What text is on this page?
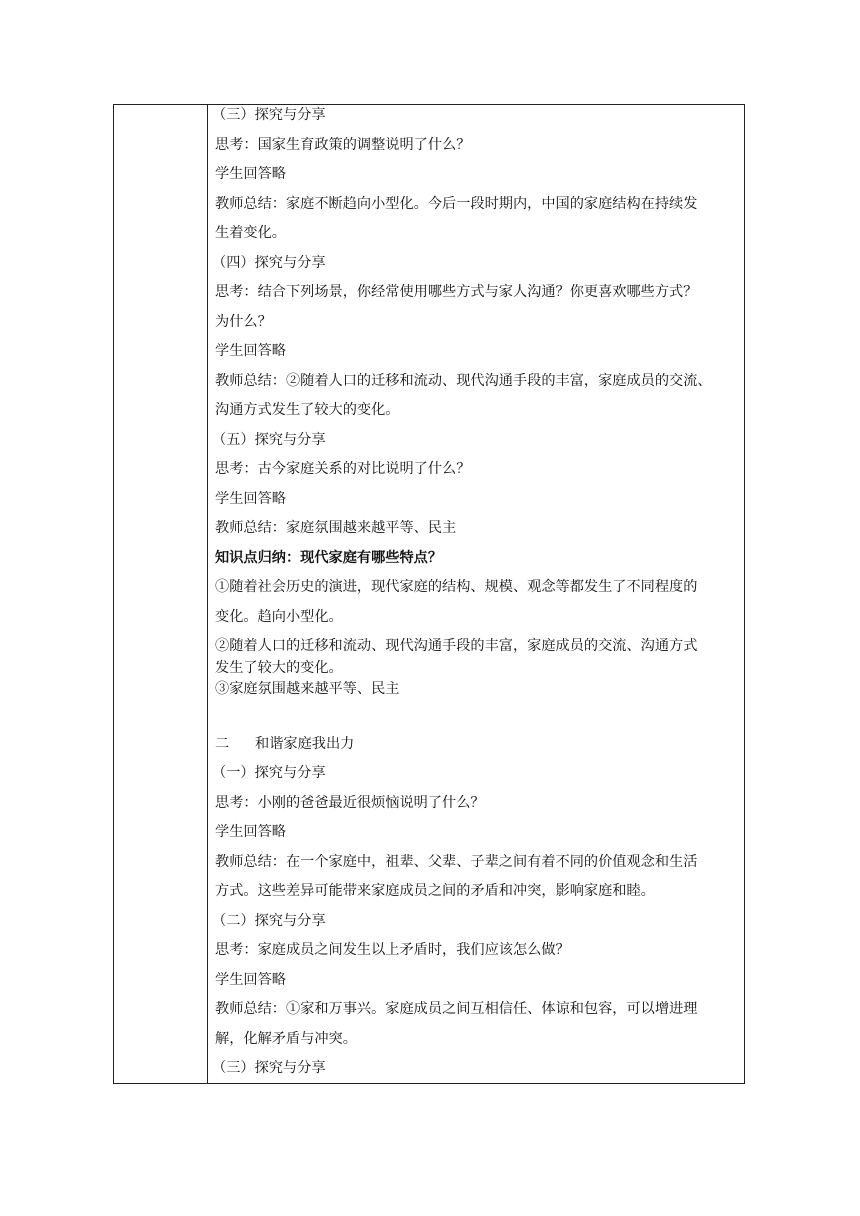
（三）探究与分享
思考：国家生育政策的调整说明了什么？
学生回答略
教师总结：家庭不断趋向小型化。今后一段时期内，中国的家庭结构在持续发
生着变化。
（四）探究与分享
思考：结合下列场景，你经常使用哪些方式与家人沟通？你更喜欢哪些方式？
为什么？
学生回答略
教师总结：②随着人口的迁移和流动、现代沟通手段的丰富，家庭成员的交流、
沟通方式发生了较大的变化。
（五）探究与分享
思考：古今家庭关系的对比说明了什么？
学生回答略
教师总结：家庭氛围越来越平等、民主
知识点归纳：现代家庭有哪些特点？
①随着社会历史的演进，现代家庭的结构、规模、观念等都发生了不同程度的
变化。趋向小型化。
②随着人口的迁移和流动、现代沟通手段的丰富，家庭成员的交流、沟通方式
发生了较大的变化。
③家庭氛围越来越平等、民主
二 和谐家庭我出力
（一）探究与分享
思考：小刚的爸爸最近很烦恼说明了什么？
学生回答略
教师总结：在一个家庭中，祖辈、父辈、子辈之间有着不同的价值观念和生活
方式。这些差异可能带来家庭成员之间的矛盾和冲突，影响家庭和睦。
（二）探究与分享
思考：家庭成员之间发生以上矛盾时，我们应该怎么做？
学生回答略
教师总结：①家和万事兴。家庭成员之间互相信任、体谅和包容，可以增进理
解，化解矛盾与冲突。
（三）探究与分享
